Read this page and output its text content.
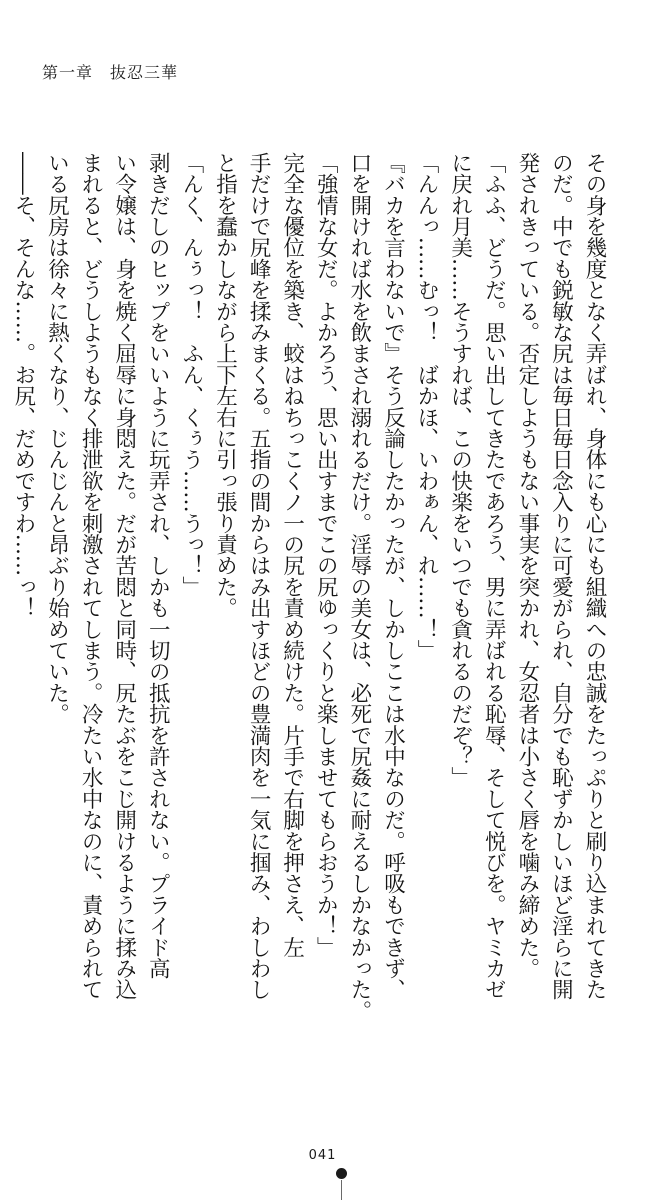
第一章　抜忍三華

その身を幾度となく弄ばれ、身体にも心にも組織への忠誠をたっぷりと刷り込まれてきた

のだ。中でも鋭敏な尻は毎日毎日念入りに可愛がられ、自分でも恥ずかしいほど淫らに開

発されきっている。否定しようもない事実を突かれ、女忍者は小さく唇を噛み締めた。

「ふふ、どうだ。思い出してきたであろう、男に弄ばれる恥辱、そして悦びを。ヤミカゼ

に戻れ月美……そうすれば、この快楽をいつでも貪れるのだぞ？」

「んんっ……むっ！　ばかほ、いわぁん、れ……！」

『バカを言わないで』そう反論したかったが、しかしここは水中なのだ。呼吸もできず、

口を開ければ水を飲まされ溺れるだけ。淫辱の美女は、必死で尻姦に耐えるしかなかった。

「強情な女だ。よかろう、思い出すまでこの尻ゆっくりと楽しませてもらおうか！」

完全な優位を築き、蛟はねちっこくノ一の尻を責め続けた。片手で右脚を押さえ、左

手だけで尻峰を揉みまくる。五指の間からはみ出すほどの豊満肉を一気に掴み、わしわし

と指を蠢かしながら上下左右に引っ張り責めた。

「んく、んぅっ！　ふん、くぅう……うっ！」

剥きだしのヒップをいいように玩弄され、しかも一切の抵抗を許されない。プライド高

い令嬢は、身を焼く屈辱に身悶えた。だが苦悶と同時、尻たぶをこじ開けるように揉み込

まれると、どうしようもなく排泄欲を刺激されてしまう。冷たい水中なのに、責められて

いる尻房は徐々に熱くなり、じんじんと昂ぶり始めていた。

――そ、そんな……。お尻、だめですわ……っ！

041
